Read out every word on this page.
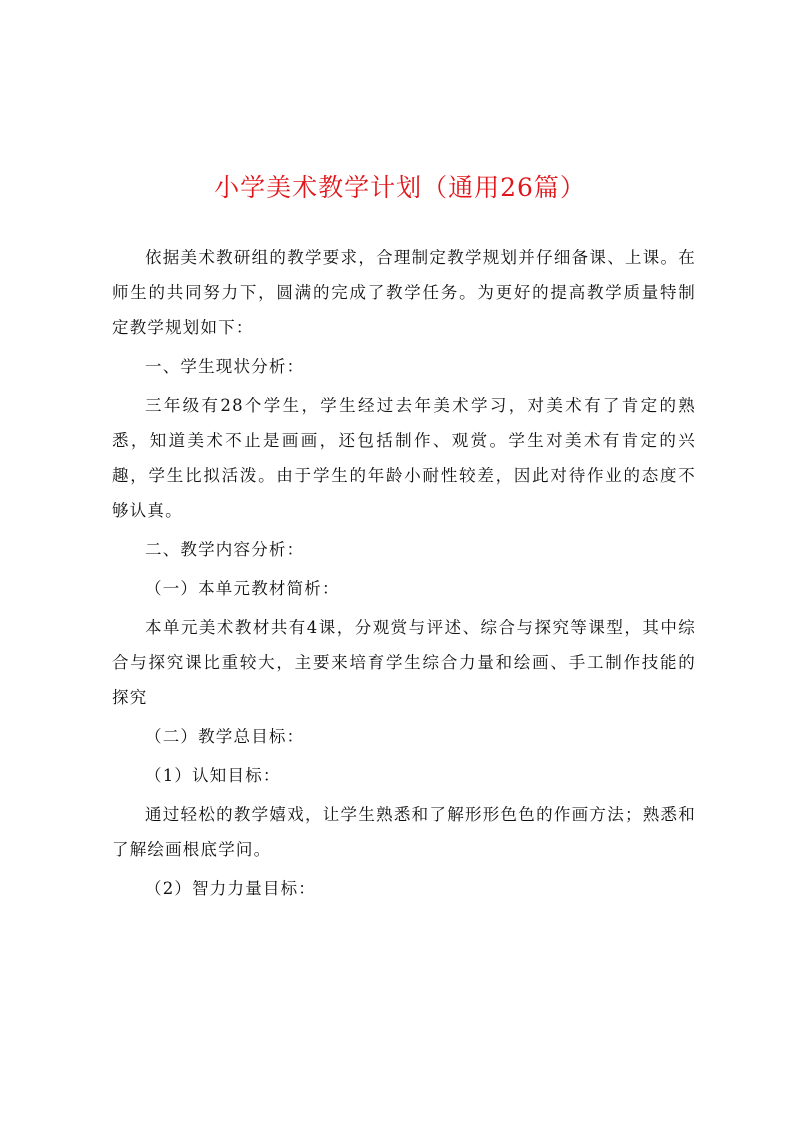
小学美术教学计划（通用26篇）

依据美术教研组的教学要求，合理制定教学规划并仔细备课、上课。在师生的共同努力下，圆满的完成了教学任务。为更好的提高教学质量特制定教学规划如下：

一、学生现状分析：

三年级有28个学生，学生经过去年美术学习，对美术有了肯定的熟悉，知道美术不止是画画，还包括制作、观赏。学生对美术有肯定的兴趣，学生比拟活泼。由于学生的年龄小耐性较差，因此对待作业的态度不够认真。

二、教学内容分析：

（一）本单元教材简析：

本单元美术教材共有4课，分观赏与评述、综合与探究等课型，其中综合与探究课比重较大，主要来培育学生综合力量和绘画、手工制作技能的探究

（二）教学总目标：

（1）认知目标：

通过轻松的教学嬉戏，让学生熟悉和了解形形色色的作画方法；熟悉和了解绘画根底学问。

（2）智力力量目标：
